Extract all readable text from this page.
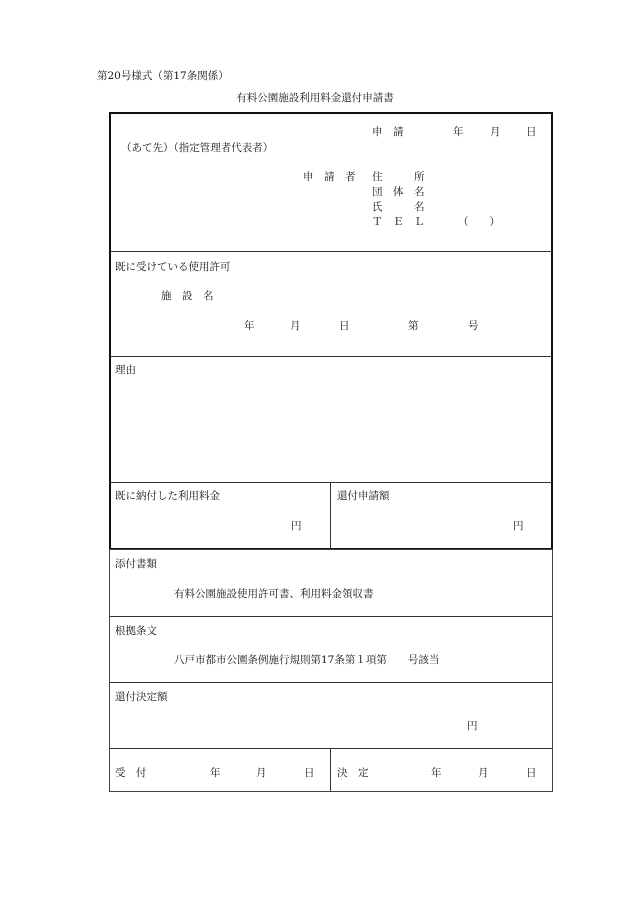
第20号様式（第17条関係）
有料公園施設利用料金還付申請書
申　請	年	月 日
（あて先）（指定管理者代表者）
申　請　者 住　　　所
団　体　名
氏　　　名
Ｔ　Ｅ　Ｌ	（　　）
既に受けている使用許可
施　設　名
年	月	日	第	号
理由
既に納付した利用料金
円
還付申請額
円
添付書類
有料公園施設使用許可書、利用料金領収書
根拠条文
八戸市都市公園条例施行規則第17条第１項第　　号該当
還付決定額
円
受　付	年	月	日 決　定	年	月	日
